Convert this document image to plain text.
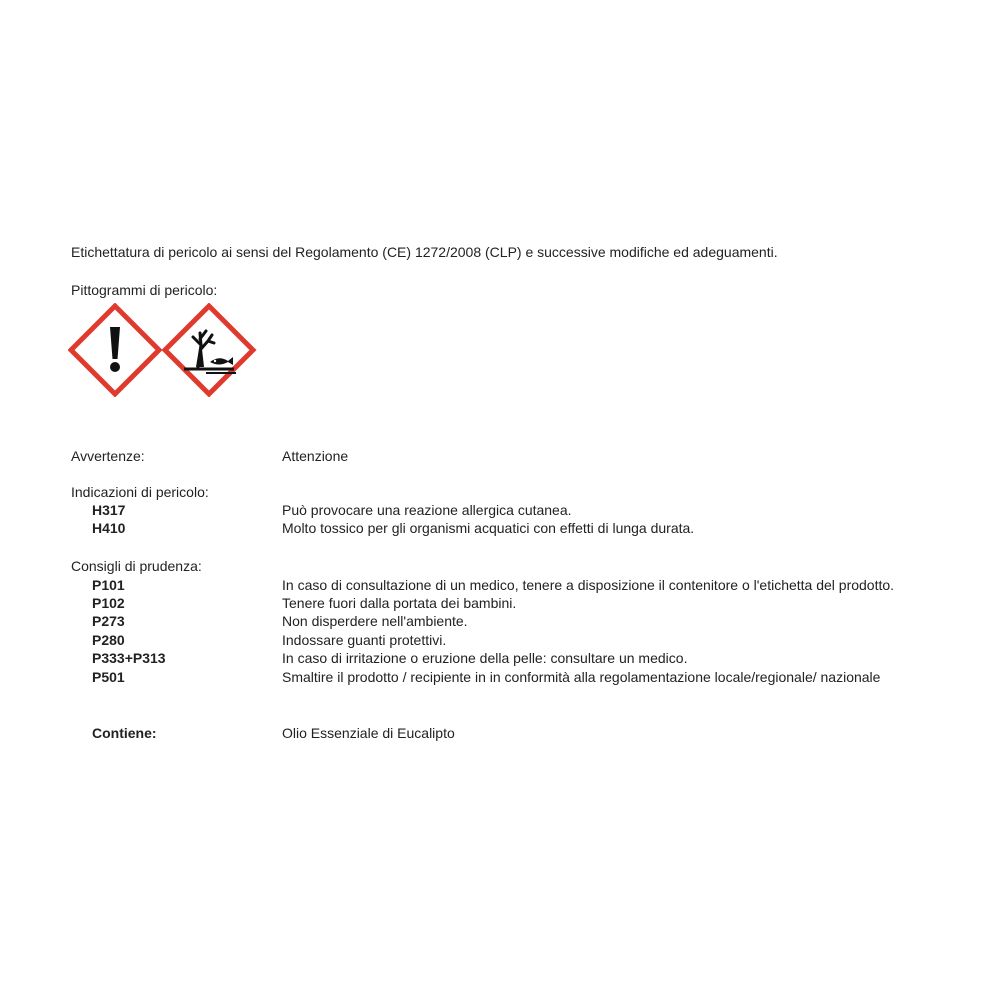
Etichettatura di pericolo ai sensi del Regolamento (CE) 1272/2008 (CLP) e successive modifiche ed adeguamenti.
Pittogrammi di pericolo:
Avvertenze:	Attenzione
Indicazioni di pericolo:
H317	Può provocare una reazione allergica cutanea.
H410	Molto tossico per gli organismi acquatici con effetti di lunga durata.
Consigli di prudenza:
P101	In caso di consultazione di un medico, tenere a disposizione il contenitore o l'etichetta del prodotto.
P102	Tenere fuori dalla portata dei bambini.
P273	Non disperdere nell'ambiente.
P280	Indossare guanti protettivi.
P333+P313	In caso di irritazione o eruzione della pelle: consultare un medico.
P501	Smaltire il prodotto / recipiente in in conformità alla regolamentazione locale/regionale/ nazionale
Contiene:	Olio Essenziale di Eucalipto
